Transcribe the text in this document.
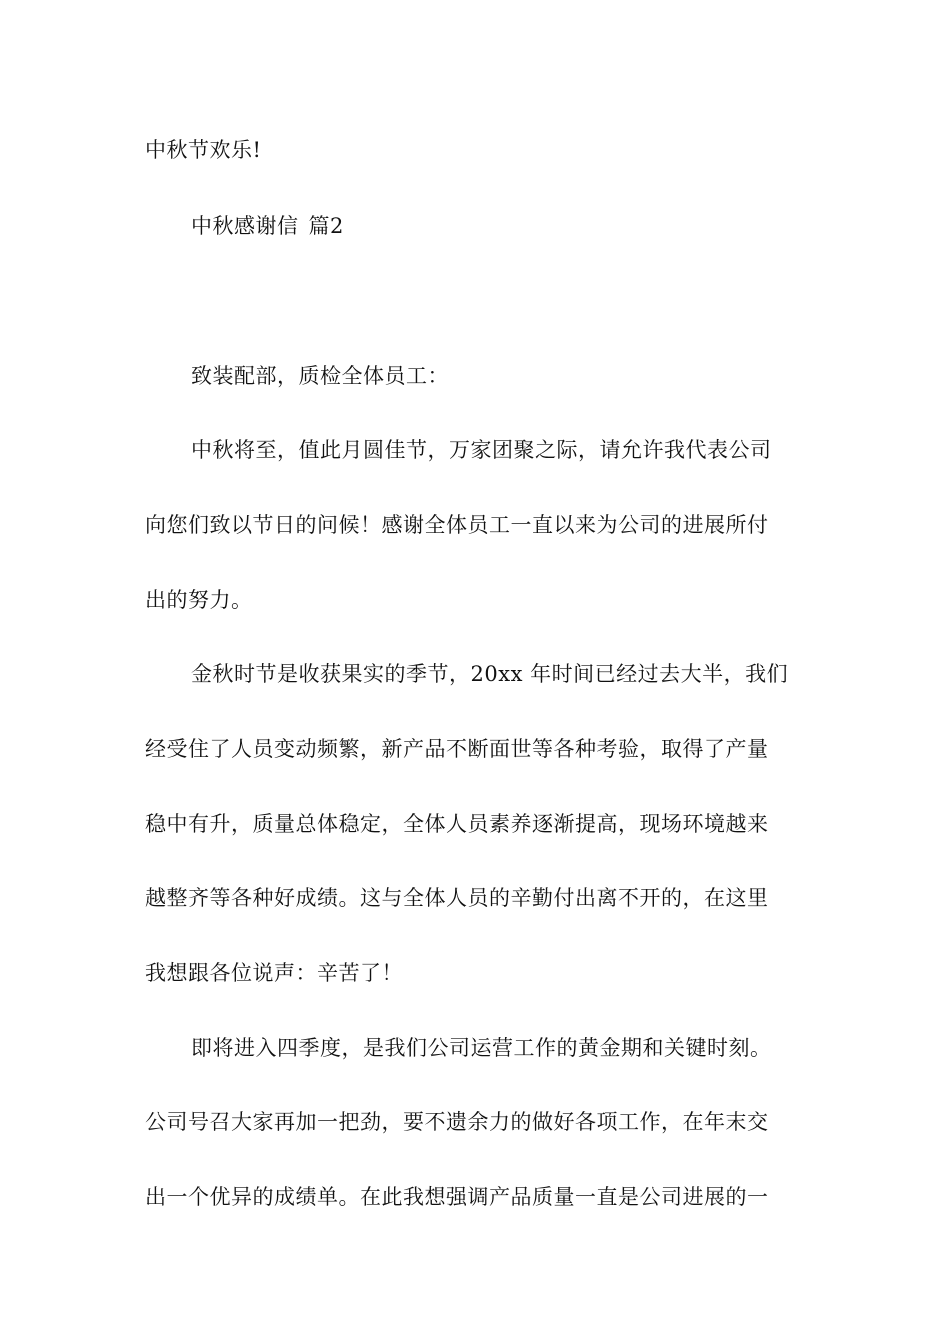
中秋节欢乐!
中秋感谢信 篇2
致装配部，质检全体员工：
中秋将至，值此月圆佳节，万家团聚之际，请允许我代表公司
向您们致以节日的问候！感谢全体员工一直以来为公司的进展所付
出的努力。
金秋时节是收获果实的季节，20xx 年时间已经过去大半，我们
经受住了人员变动频繁，新产品不断面世等各种考验，取得了产量
稳中有升，质量总体稳定，全体人员素养逐渐提高，现场环境越来
越整齐等各种好成绩。这与全体人员的辛勤付出离不开的，在这里
我想跟各位说声：辛苦了！
即将进入四季度，是我们公司运营工作的黄金期和关键时刻。
公司号召大家再加一把劲，要不遗余力的做好各项工作，在年末交
出一个优异的成绩单。在此我想强调产品质量一直是公司进展的一
